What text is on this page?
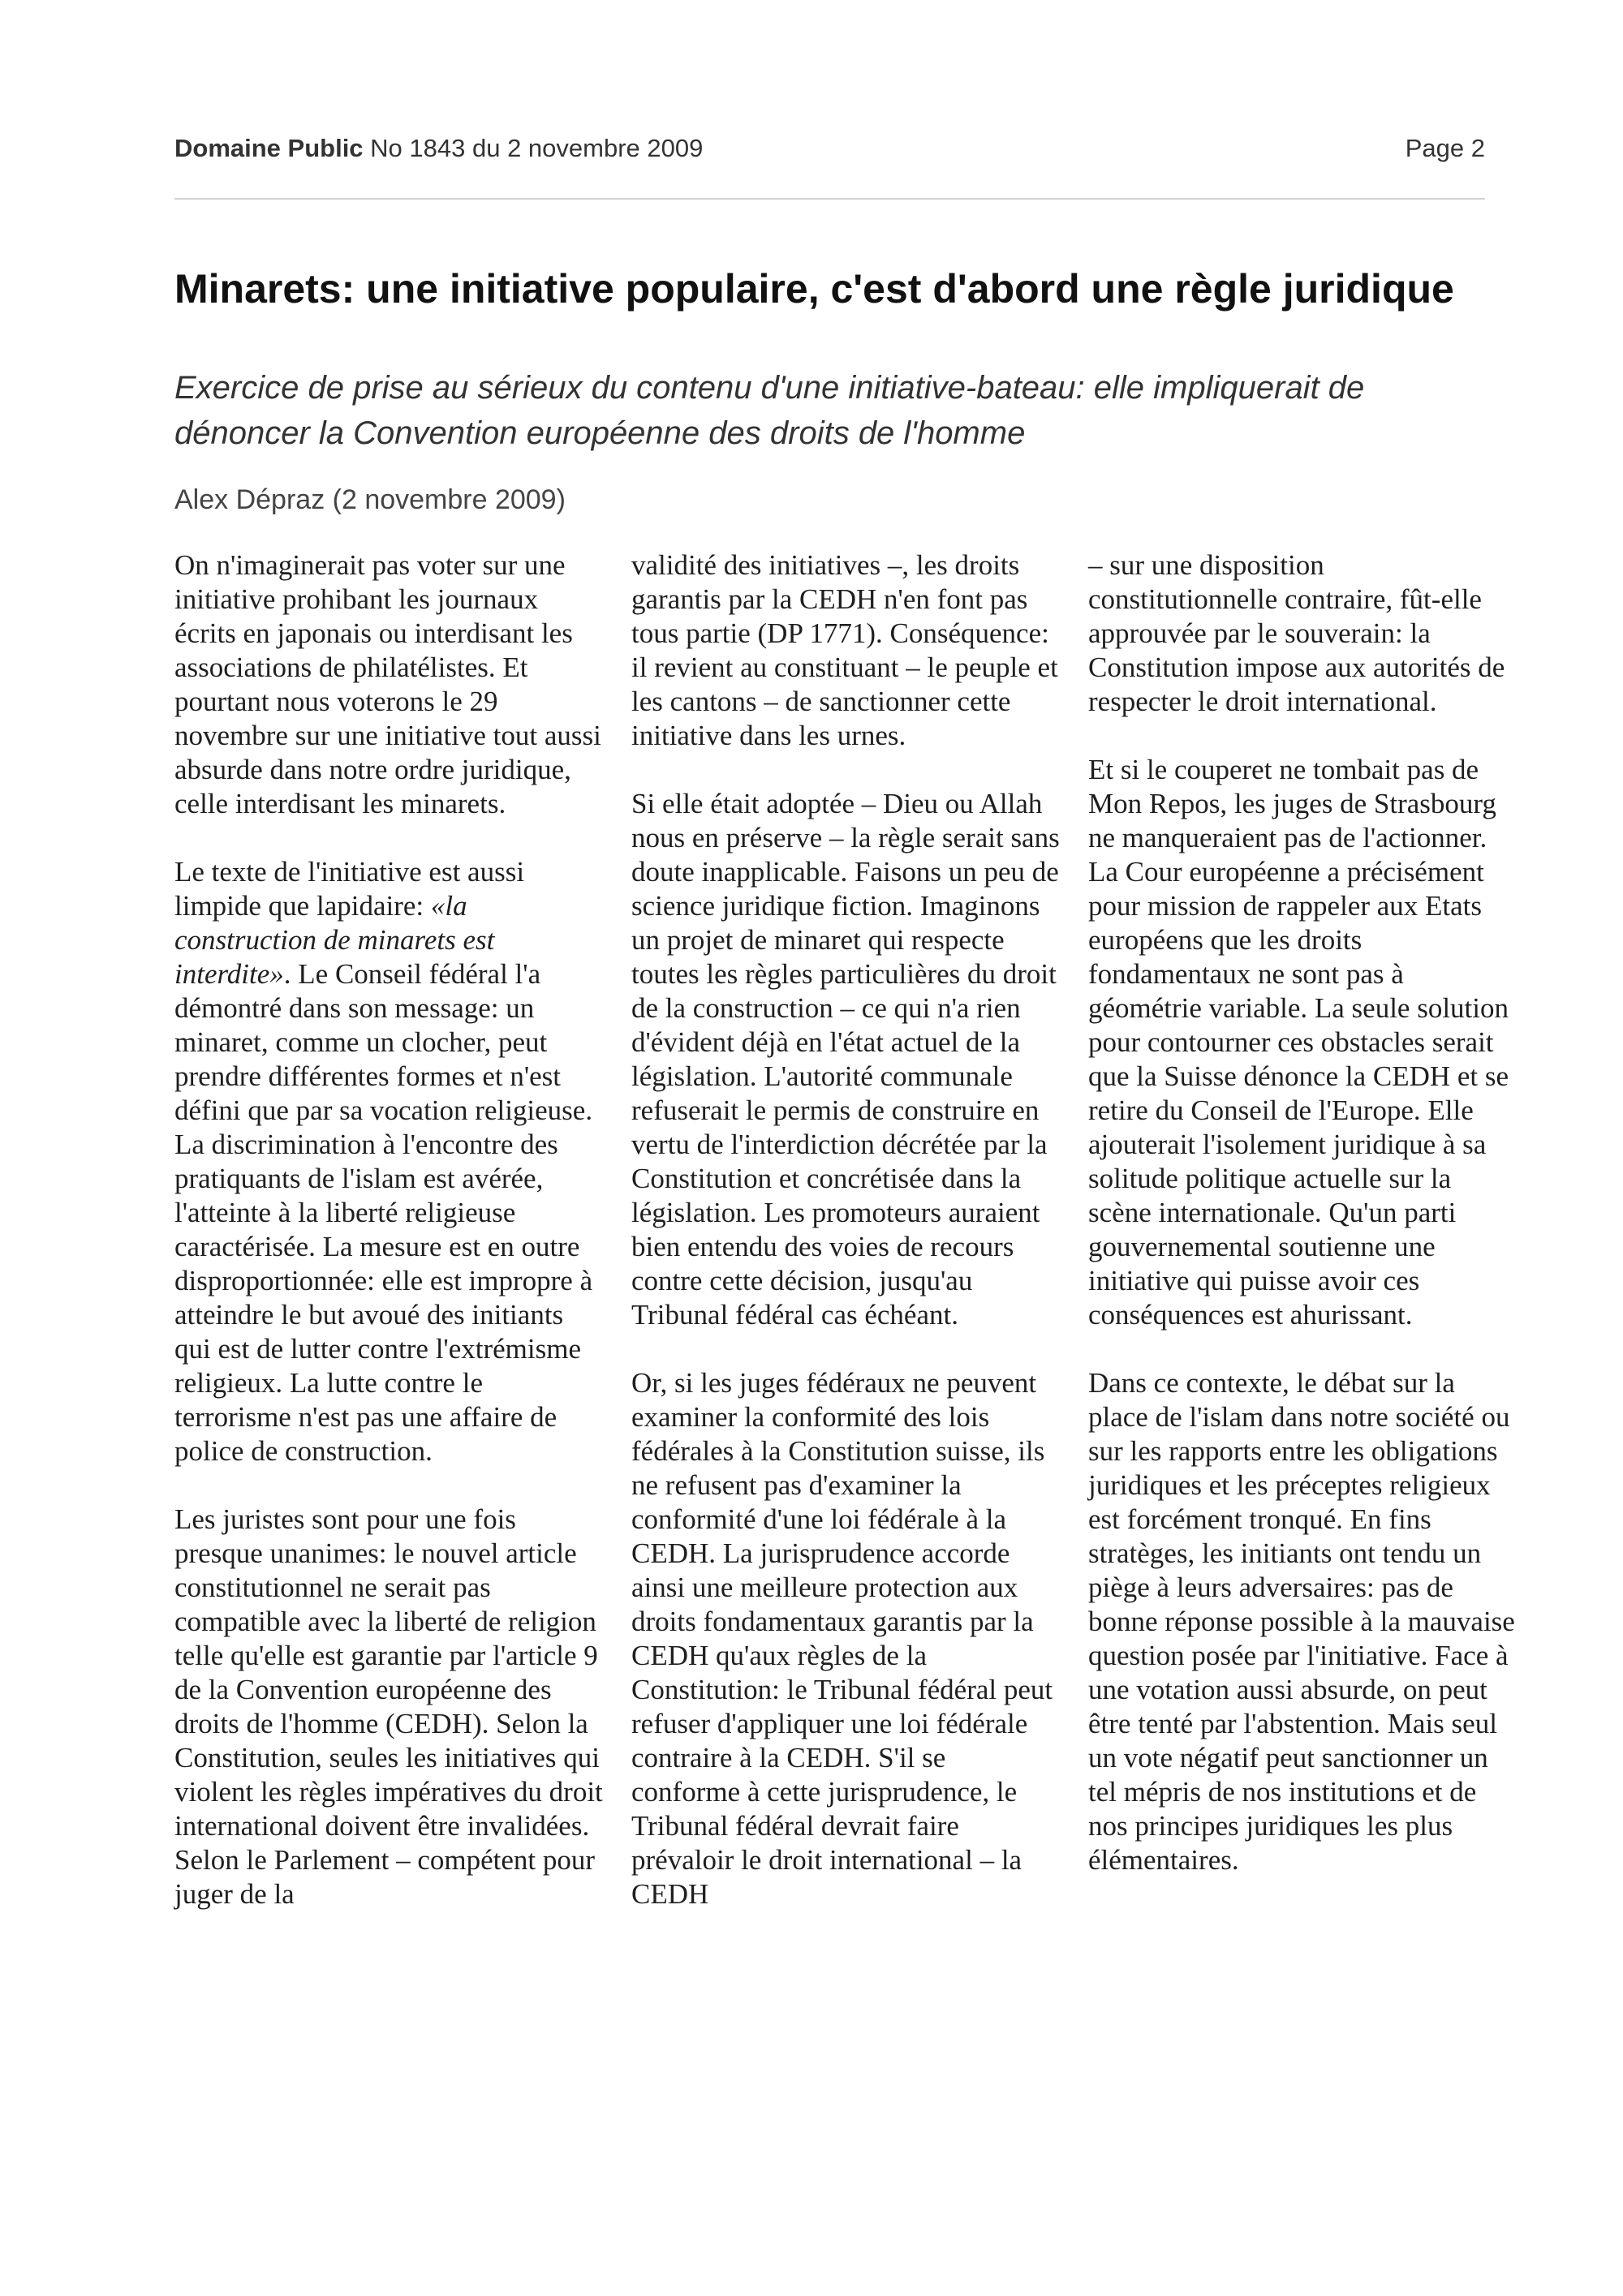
Domaine Public No 1843 du 2 novembre 2009	Page 2
Minarets: une initiative populaire, c'est d'abord une règle juridique

Exercice de prise au sérieux du contenu d'une initiative-bateau: elle impliquerait de dénoncer la Convention européenne des droits de l'homme

Alex Dépraz (2 novembre 2009)

On n'imaginerait pas voter sur une initiative prohibant les journaux écrits en japonais ou interdisant les associations de philatélistes. Et pourtant nous voterons le 29 novembre sur une initiative tout aussi absurde dans notre ordre juridique, celle interdisant les minarets.

Le texte de l'initiative est aussi limpide que lapidaire: «la construction de minarets est interdite». Le Conseil fédéral l'a démontré dans son message: un minaret, comme un clocher, peut prendre différentes formes et n'est défini que par sa vocation religieuse. La discrimination à l'encontre des pratiquants de l'islam est avérée, l'atteinte à la liberté religieuse caractérisée. La mesure est en outre disproportionnée: elle est impropre à atteindre le but avoué des initiants qui est de lutter contre l'extrémisme religieux. La lutte contre le terrorisme n'est pas une affaire de police de construction.

Les juristes sont pour une fois presque unanimes: le nouvel article constitutionnel ne serait pas compatible avec la liberté de religion telle qu'elle est garantie par l'article 9 de la Convention européenne des droits de l'homme (CEDH). Selon la Constitution, seules les initiatives qui violent les règles impératives du droit international doivent être invalidées. Selon le Parlement – compétent pour juger de la

validité des initiatives –, les droits garantis par la CEDH n'en font pas tous partie (DP 1771). Conséquence: il revient au constituant – le peuple et les cantons – de sanctionner cette initiative dans les urnes.

Si elle était adoptée – Dieu ou Allah nous en préserve – la règle serait sans doute inapplicable. Faisons un peu de science juridique fiction. Imaginons un projet de minaret qui respecte toutes les règles particulières du droit de la construction – ce qui n'a rien d'évident déjà en l'état actuel de la législation. L'autorité communale refuserait le permis de construire en vertu de l'interdiction décrétée par la Constitution et concrétisée dans la législation. Les promoteurs auraient bien entendu des voies de recours contre cette décision, jusqu'au Tribunal fédéral cas échéant.

Or, si les juges fédéraux ne peuvent examiner la conformité des lois fédérales à la Constitution suisse, ils ne refusent pas d'examiner la conformité d'une loi fédérale à la CEDH. La jurisprudence accorde ainsi une meilleure protection aux droits fondamentaux garantis par la CEDH qu'aux règles de la Constitution: le Tribunal fédéral peut refuser d'appliquer une loi fédérale contraire à la CEDH. S'il se conforme à cette jurisprudence, le Tribunal fédéral devrait faire prévaloir le droit international – la CEDH

– sur une disposition constitutionnelle contraire, fût-elle approuvée par le souverain: la Constitution impose aux autorités de respecter le droit international.

Et si le couperet ne tombait pas de Mon Repos, les juges de Strasbourg ne manqueraient pas de l'actionner. La Cour européenne a précisément pour mission de rappeler aux Etats européens que les droits fondamentaux ne sont pas à géométrie variable. La seule solution pour contourner ces obstacles serait que la Suisse dénonce la CEDH et se retire du Conseil de l'Europe. Elle ajouterait l'isolement juridique à sa solitude politique actuelle sur la scène internationale. Qu'un parti gouvernemental soutienne une initiative qui puisse avoir ces conséquences est ahurissant.

Dans ce contexte, le débat sur la place de l'islam dans notre société ou sur les rapports entre les obligations juridiques et les préceptes religieux est forcément tronqué. En fins stratèges, les initiants ont tendu un piège à leurs adversaires: pas de bonne réponse possible à la mauvaise question posée par l'initiative. Face à une votation aussi absurde, on peut être tenté par l'abstention. Mais seul un vote négatif peut sanctionner un tel mépris de nos institutions et de nos principes juridiques les plus élémentaires.
